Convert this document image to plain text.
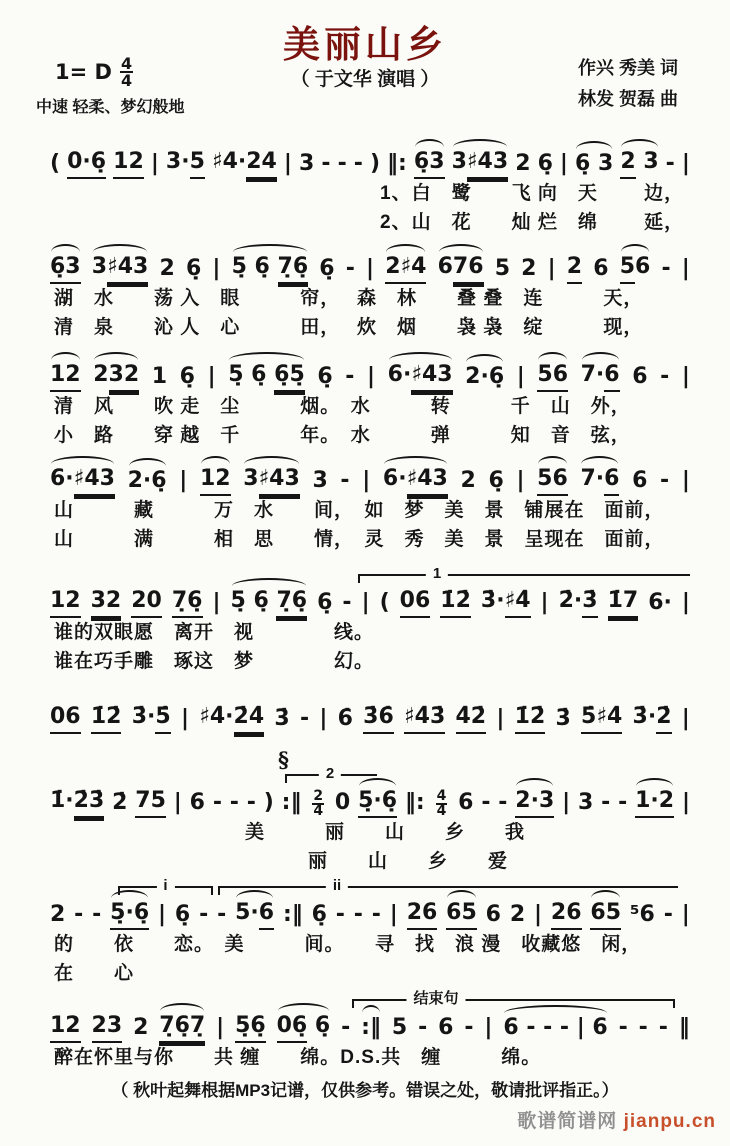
美丽山乡
（ 于文华 演唱 ）
1= D $\frac{4}{4}$
中速 轻柔、梦幻般地
作兴 秀美 词
林发 贺磊 曲
( 0·6̣ 12 | 3·5 ♯4·24 | 3 - - - ) ‖: 6̣3 3♯43 2 6̣ | 6̣ 3 2 3 - |
1、白　鹭　　飞 向　天　　 边，
2、山　花　　灿 烂　绵　　 延，
6̣3 3♯43 2 6̣ | 5̣ 6̣ 7̣6̣ 6̣ - | 2♯4 676 5 2 | 2 6 56 - |
湖　水　　荡 入　眼　　　帘，　 森　林　　叠 叠　连　　　天，
清　泉　　沁 人　心　　　田，　 炊　烟　　袅 袅　绽　　　现，
12 232 1 6̣ | 5̣ 6̣ 6̣5̣ 6̣ - | 6·♯43 2·6̣ | 56 7·6 6 - |
清　风　　吹 走　尘　　　烟。　水　　　转　　　千　山　外，
小　路　　穿 越　千　　　年。　水　　　弹　　　知　音　弦，
6·♯43 2·6̣ | 12 3♯43 3 - | 6·♯43 2 6̣ | 56 7·6 6 - |
山　　　藏　　　万　水　　间，　如　梦　美　景　铺展在　面前，
山　　　满　　　相　思　　情，　灵　秀　美　景　呈现在　面前，
1
12 32 20 7̣6̣ | 5̣ 6̣ 7̣6̣ 6̣ - | ( 06 1̇2̇ 3̇·♯4̇ | 2̇·3̇ 1̇7 6· |
谁的双眼愿　离开　视　　　　线。
谁在巧手雕　琢这　梦　　　　幻。
06 1̇2̇ 3̇·5̇ | ♯4̇·2̇4̇ 3̇ - | 6̇ 3̇6̇ ♯4̇3̇ 4̇2̇ | 1̇2̇ 3̇ 5̇♯4̇ 3̇·2̇ |
2
§
1̇·2̇3̇ 2̇ 75 | 6 - - - ) :‖ $\frac{2}{4} 0$ 5̣·6̣ ‖: $\frac{4}{4} 6$ - - 2·3 | 3 - - 1·2 |
美　　　丽　　山　　乡　　我
丽　　山　　乡　　爱
i	ii
2 - - 5̣·6̣ | 6̣ - - 5·6 :‖ 6̣ - - - | 26 65 6 2 | 26 65 ⁵6 - |
的　　依　　恋。　美　　　间。　　寻　找　浪 漫　收藏悠　闲，
在　　心
结束句
12 23 2 7̣6̣7̣ | 5̣6̣ 06̣ 6̣ - :‖ 5 - 6 - | 6 - - - | 6 - - - ‖
醉在怀里与你　　共 缠　　绵。D.S.共　缠　　　绵。
（ 秋叶起舞根据MP3记谱，仅供参考。错误之处，敬请批评指正。）
歌谱简谱网 jianpu.cn
